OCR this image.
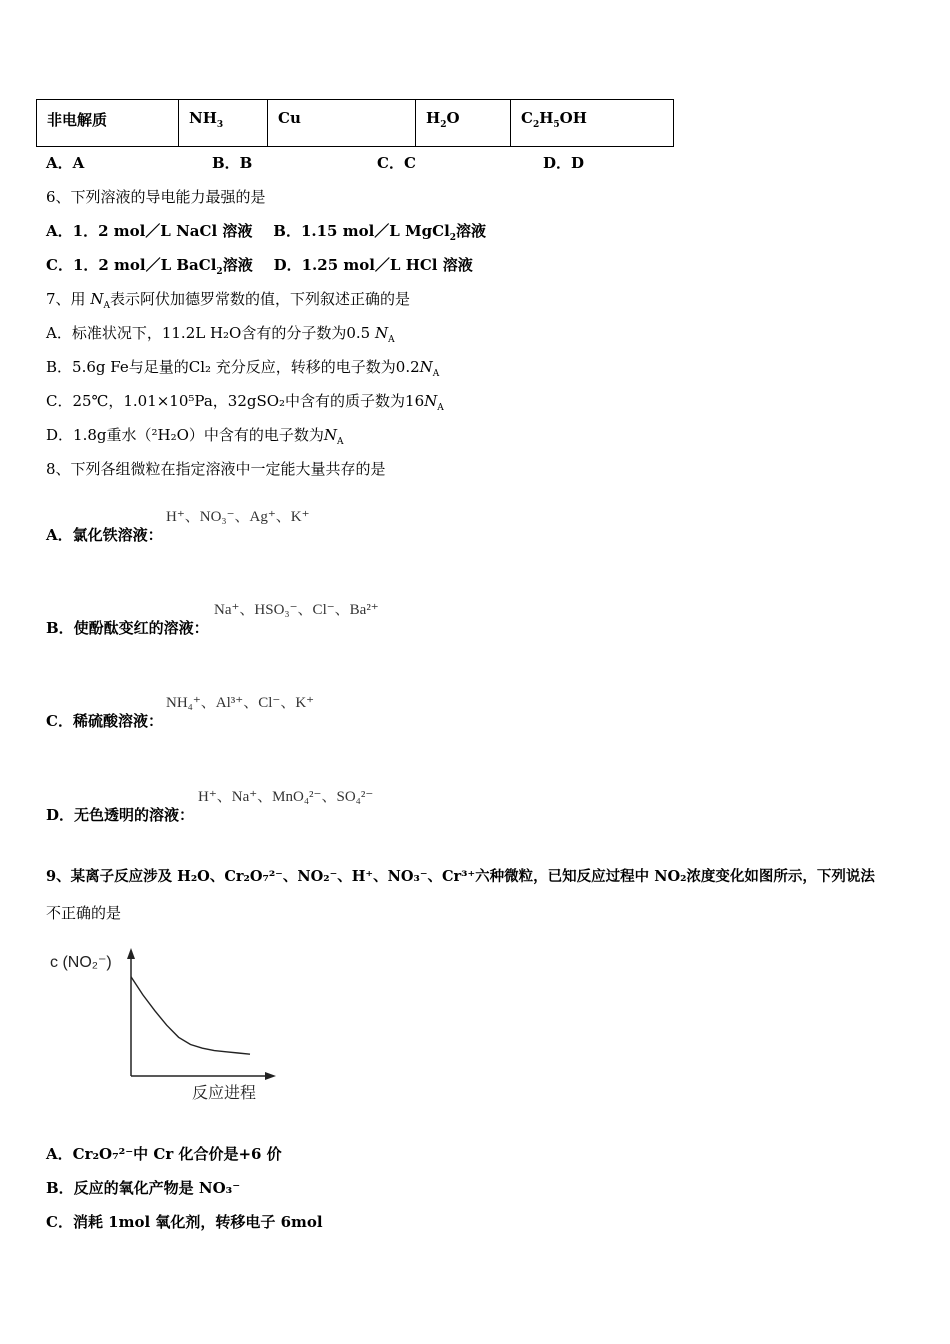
非电解质	$NH_3$	Cu	$H_2O$	$C_2H_5OH$
A．A	B．B	C．C	D．D
6、下列溶液的导电能力最强的是
A．1．2 mol／L NaCl 溶液 B．1.15 mol／L MgCl$_2$溶液
C．1．2 mol／L BaCl$_2$溶液 D．1.25 mol／L HCl 溶液
7、用 $N_A$表示阿伏加德罗常数的值，下列叙述正确的是
A．标准状况下，11.2L H₂O含有的分子数为0.5 $N_A$
B．5.6g Fe与足量的Cl₂ 充分反应，转移的电子数为$0.2N_A$
C．25℃，1.01×10⁵Pa，32gSO₂中含有的质子数为$16N_A$
D．1.8g重水（²H₂O）中含有的电子数为$N_A$
8、下列各组微粒在指定溶液中一定能大量共存的是
H⁺、NO₃⁻、Ag⁺、K⁺
A．氯化铁溶液：
Na⁺、HSO₃⁻、Cl⁻、Ba²⁺
B．使酚酞变红的溶液：
NH₄⁺、Al³⁺、Cl⁻、K⁺
C．稀硫酸溶液：
H⁺、Na⁺、MnO₄²⁻、SO₄²⁻
D．无色透明的溶液：
9、某离子反应涉及 H₂O、Cr₂O₇²⁻、NO₂⁻、H⁺、NO₃⁻、Cr³⁺六种微粒，已知反应过程中 NO₂浓度变化如图所示，下列说法
不正确的是
c (NO₂⁻)
反应进程
A．Cr₂O₇²⁻中 Cr 化合价是+6 价
B．反应的氧化产物是 NO₃⁻
C．消耗 1mol 氧化剂，转移电子 6mol
